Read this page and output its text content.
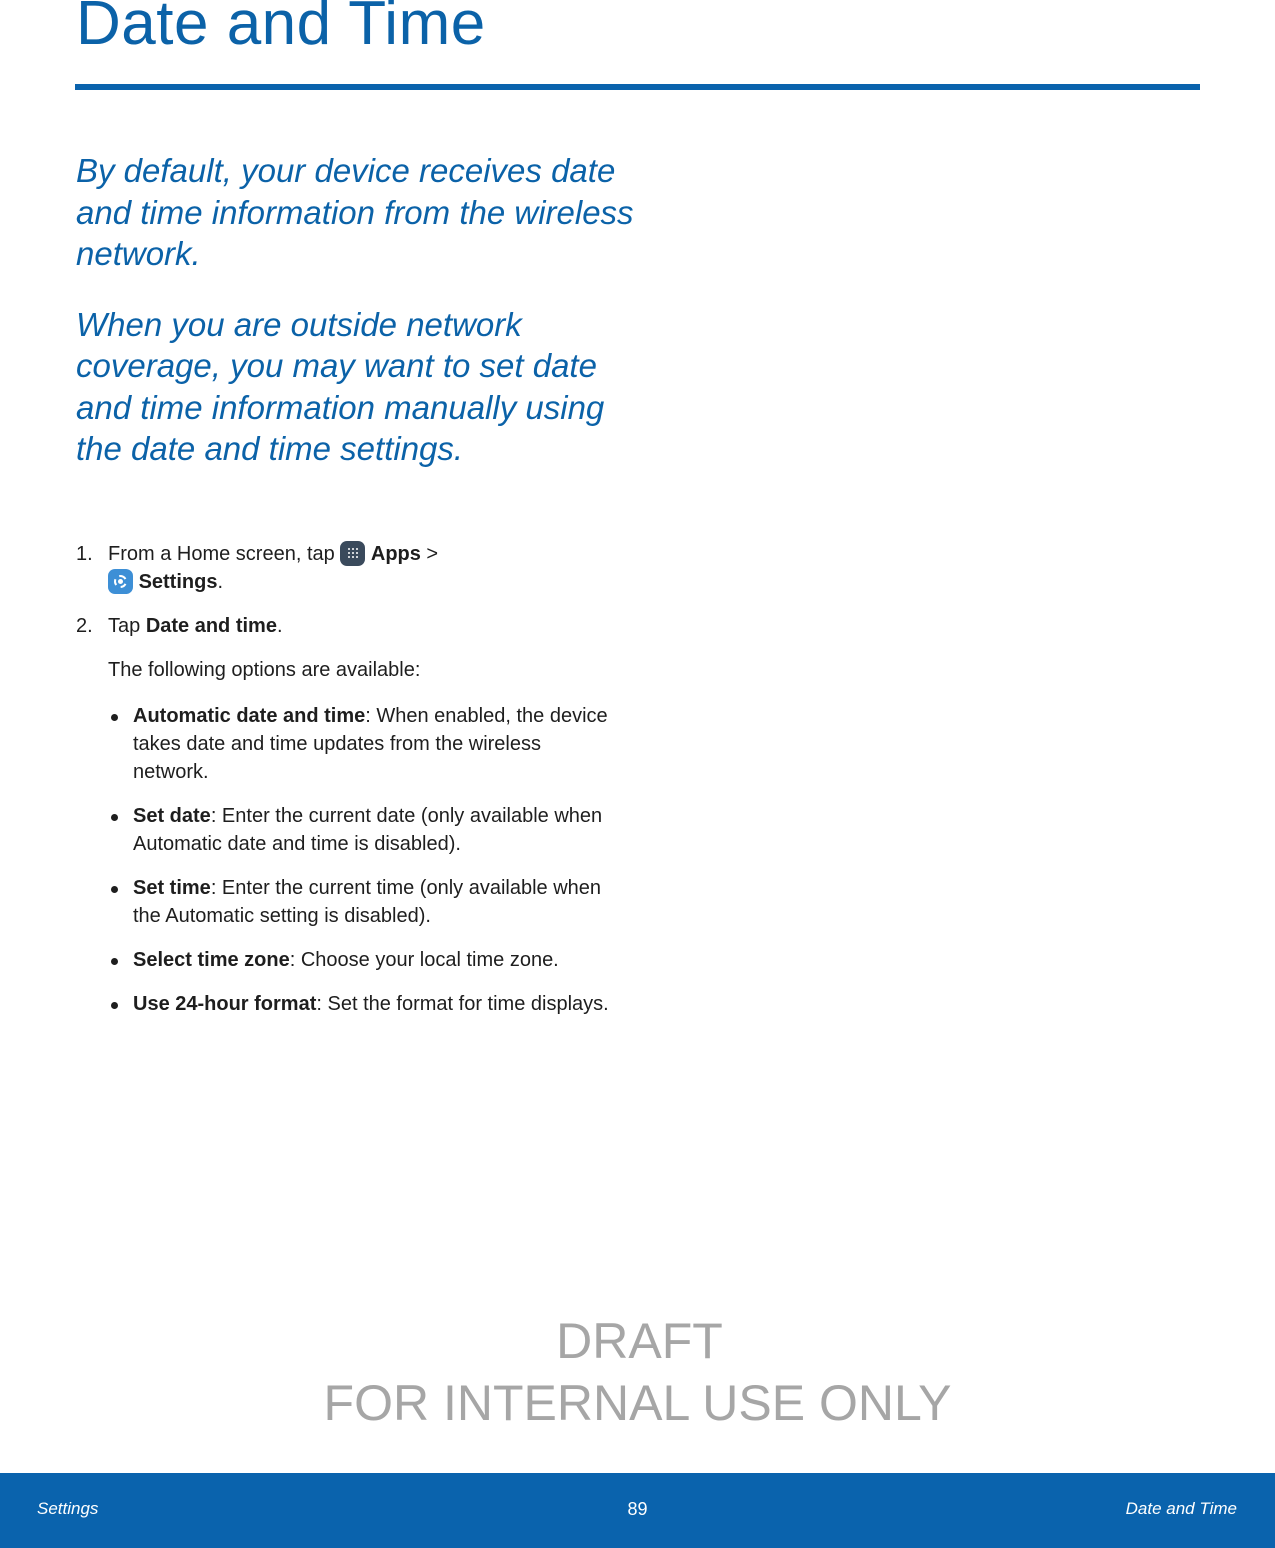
Date and Time

By default, your device receives date and time information from the wireless network.

When you are outside network coverage, you may want to set date and time information manually using the date and time settings.

1. From a Home screen, tap  Apps >
Settings.
2. Tap Date and time.

The following options are available:

Automatic date and time: When enabled, the device takes date and time updates from the wireless network.
Set date: Enter the current date (only available when Automatic date and time is disabled).
Set time: Enter the current time (only available when the Automatic setting is disabled).
Select time zone: Choose your local time zone.
Use 24-hour format: Set the format for time displays.
DRAFT
FOR INTERNAL USE ONLY
Settings	89	Date and Time
